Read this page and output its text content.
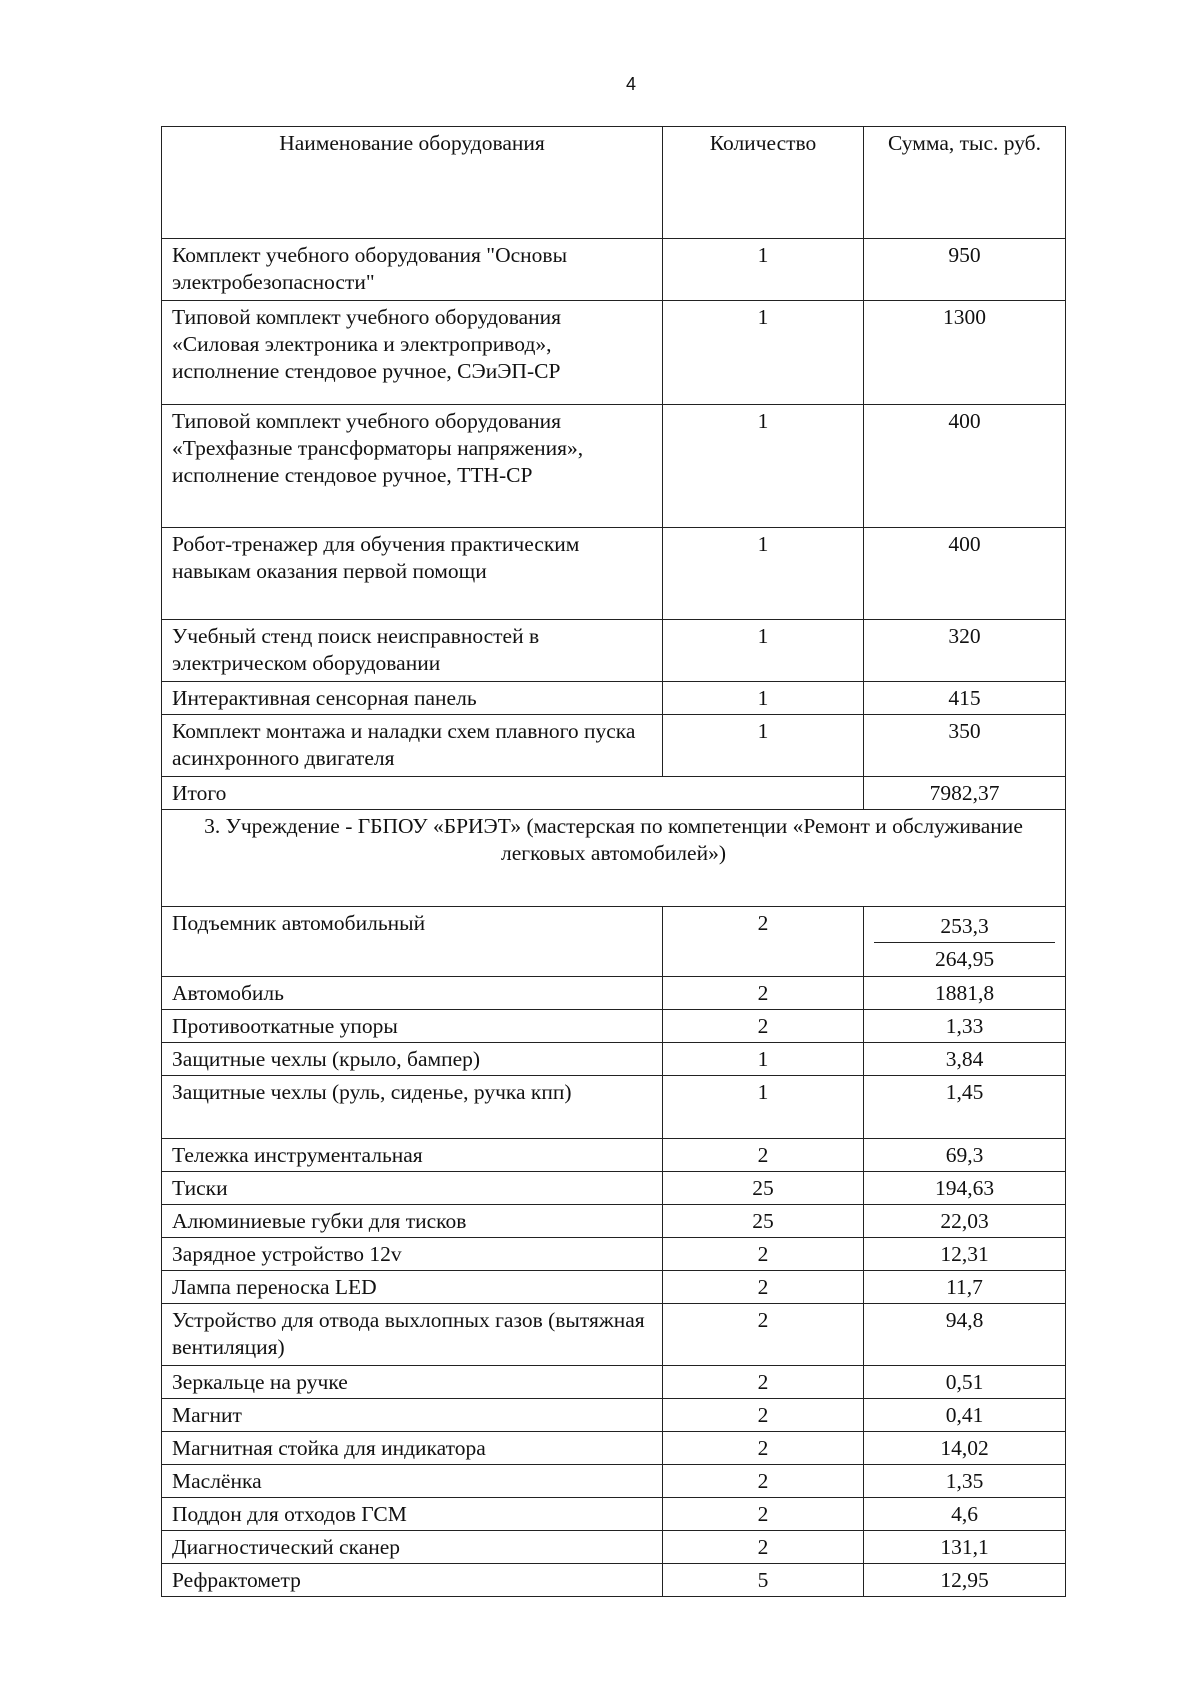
4
Наименование оборудования	Количество	Сумма, тыс. руб.
Комплект учебного оборудования "Основы электробезопасности"	1	950
Типовой комплект учебного оборудования «Силовая электроника и электропривод», исполнение стендовое ручное, СЭиЭП-СР	1	1300
Типовой комплект учебного оборудования «Трехфазные трансформаторы напряжения», исполнение стендовое ручное, ТТН-СР	1	400
Робот-тренажер для обучения практическим навыкам оказания первой помощи	1	400
Учебный стенд поиск неисправностей в электрическом оборудовании	1	320
Интерактивная сенсорная панель	1	415
Комплект монтажа и наладки схем плавного пуска асинхронного двигателя	1	350
Итого		7982,37
3. Учреждение - ГБПОУ «БРИЭТ» (мастерская по компетенции «Ремонт и обслуживание легковых автомобилей»)		
Подъемник автомобильный	2	253,3
264,95

Автомобиль	2	1881,8
Противооткатные упоры	2	1,33
Защитные чехлы (крыло, бампер)	1	3,84
Защитные чехлы (руль, сиденье, ручка кпп)	1	1,45
Тележка инструментальная	2	69,3
Тиски	25	194,63
Алюминиевые губки для тисков	25	22,03
Зарядное устройство 12v	2	12,31
Лампа переноска LED	2	11,7
Устройство для отвода выхлопных газов (вытяжная вентиляция)	2	94,8
Зеркальце на ручке	2	0,51
Магнит	2	0,41
Магнитная стойка для индикатора	2	14,02
Маслёнка	2	1,35
Поддон для отходов ГСМ	2	4,6
Диагностический сканер	2	131,1
Рефрактометр	5	12,95
